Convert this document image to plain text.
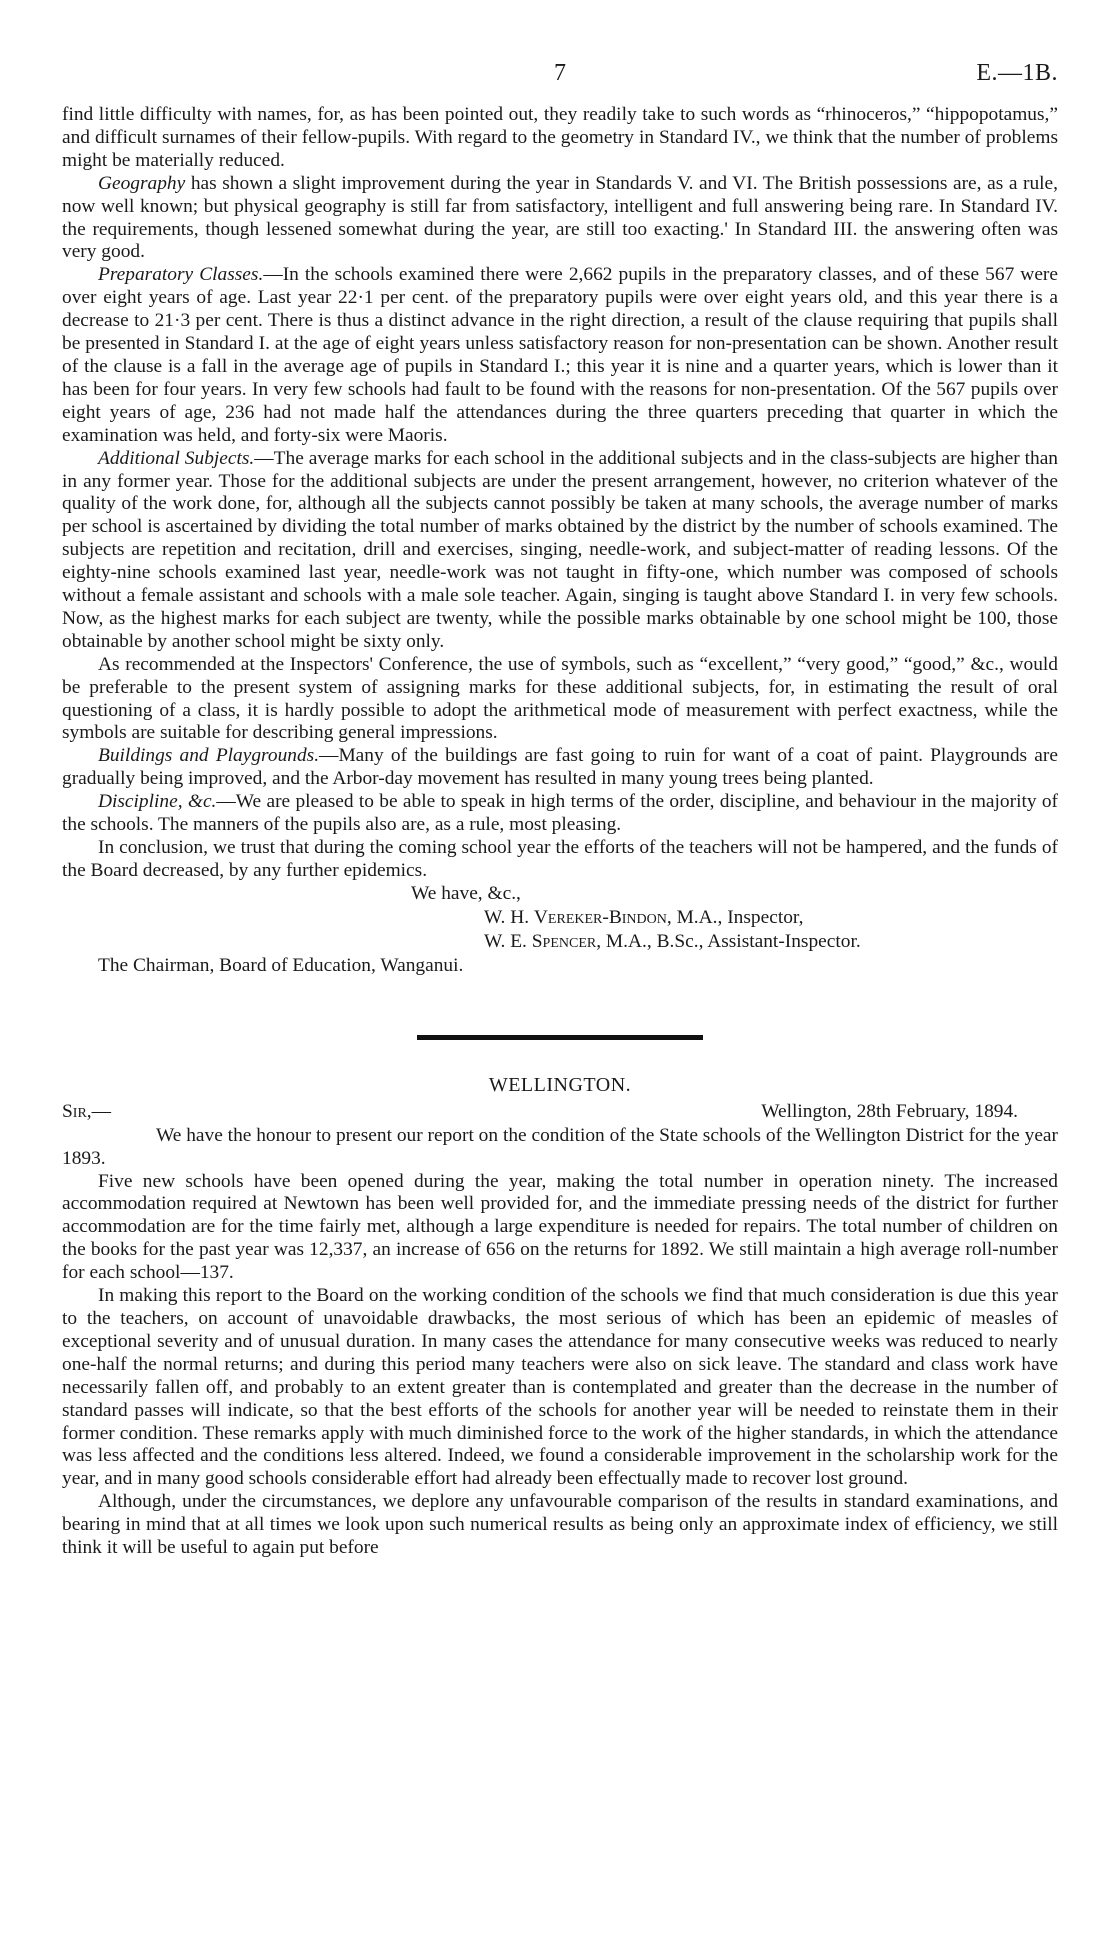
7	E.—1B.

find little difficulty with names, for, as has been pointed out, they readily take to such words as “rhinoceros,” “hippopotamus,” and difficult surnames of their fellow-pupils. With regard to the geometry in Standard IV., we think that the number of problems might be materially reduced.

Geography has shown a slight improvement during the year in Standards V. and VI. The British possessions are, as a rule, now well known; but physical geography is still far from satisfactory, intelligent and full answering being rare. In Standard IV. the requirements, though lessened somewhat during the year, are still too exacting.' In Standard III. the answering often was very good.

Preparatory Classes.—In the schools examined there were 2,662 pupils in the preparatory classes, and of these 567 were over eight years of age. Last year 22·1 per cent. of the preparatory pupils were over eight years old, and this year there is a decrease to 21·3 per cent. There is thus a distinct advance in the right direction, a result of the clause requiring that pupils shall be presented in Standard I. at the age of eight years unless satisfactory reason for non-presentation can be shown. Another result of the clause is a fall in the average age of pupils in Standard I.; this year it is nine and a quarter years, which is lower than it has been for four years. In very few schools had fault to be found with the reasons for non-presentation. Of the 567 pupils over eight years of age, 236 had not made half the attendances during the three quarters preceding that quarter in which the examination was held, and forty-six were Maoris.

Additional Subjects.—The average marks for each school in the additional subjects and in the class-subjects are higher than in any former year. Those for the additional subjects are under the present arrangement, however, no criterion whatever of the quality of the work done, for, although all the subjects cannot possibly be taken at many schools, the average number of marks per school is ascertained by dividing the total number of marks obtained by the district by the number of schools examined. The subjects are repetition and recitation, drill and exercises, singing, needle-work, and subject-matter of reading lessons. Of the eighty-nine schools examined last year, needle-work was not taught in fifty-one, which number was composed of schools without a female assistant and schools with a male sole teacher. Again, singing is taught above Standard I. in very few schools. Now, as the highest marks for each subject are twenty, while the possible marks obtainable by one school might be 100, those obtainable by another school might be sixty only.

As recommended at the Inspectors' Conference, the use of symbols, such as “excellent,” “very good,” “good,” &c., would be preferable to the present system of assigning marks for these additional subjects, for, in estimating the result of oral questioning of a class, it is hardly possible to adopt the arithmetical mode of measurement with perfect exactness, while the symbols are suitable for describing general impressions.

Buildings and Playgrounds.—Many of the buildings are fast going to ruin for want of a coat of paint. Playgrounds are gradually being improved, and the Arbor-day movement has resulted in many young trees being planted.

Discipline, &c.—We are pleased to be able to speak in high terms of the order, discipline, and behaviour in the majority of the schools. The manners of the pupils also are, as a rule, most pleasing.

In conclusion, we trust that during the coming school year the efforts of the teachers will not be hampered, and the funds of the Board decreased, by any further epidemics.

We have, &c.,
W. H. Vereker-Bindon, M.A., Inspector,
W. E. Spencer, M.A., B.Sc., Assistant-Inspector.
The Chairman, Board of Education, Wanganui.
WELLINGTON.
Sir,—	Wellington, 28th February, 1894.

We have the honour to present our report on the condition of the State schools of the Wellington District for the year 1893.

Five new schools have been opened during the year, making the total number in operation ninety. The increased accommodation required at Newtown has been well provided for, and the immediate pressing needs of the district for further accommodation are for the time fairly met, although a large expenditure is needed for repairs. The total number of children on the books for the past year was 12,337, an increase of 656 on the returns for 1892. We still maintain a high average roll-number for each school—137.

In making this report to the Board on the working condition of the schools we find that much consideration is due this year to the teachers, on account of unavoidable drawbacks, the most serious of which has been an epidemic of measles of exceptional severity and of unusual duration. In many cases the attendance for many consecutive weeks was reduced to nearly one-half the normal returns; and during this period many teachers were also on sick leave. The standard and class work have necessarily fallen off, and probably to an extent greater than is contemplated and greater than the decrease in the number of standard passes will indicate, so that the best efforts of the schools for another year will be needed to reinstate them in their former condition. These remarks apply with much diminished force to the work of the higher standards, in which the attendance was less affected and the conditions less altered. Indeed, we found a considerable improvement in the scholarship work for the year, and in many good schools considerable effort had already been effectually made to recover lost ground.

Although, under the circumstances, we deplore any unfavourable comparison of the results in standard examinations, and bearing in mind that at all times we look upon such numerical results as being only an approximate index of efficiency, we still think it will be useful to again put before
